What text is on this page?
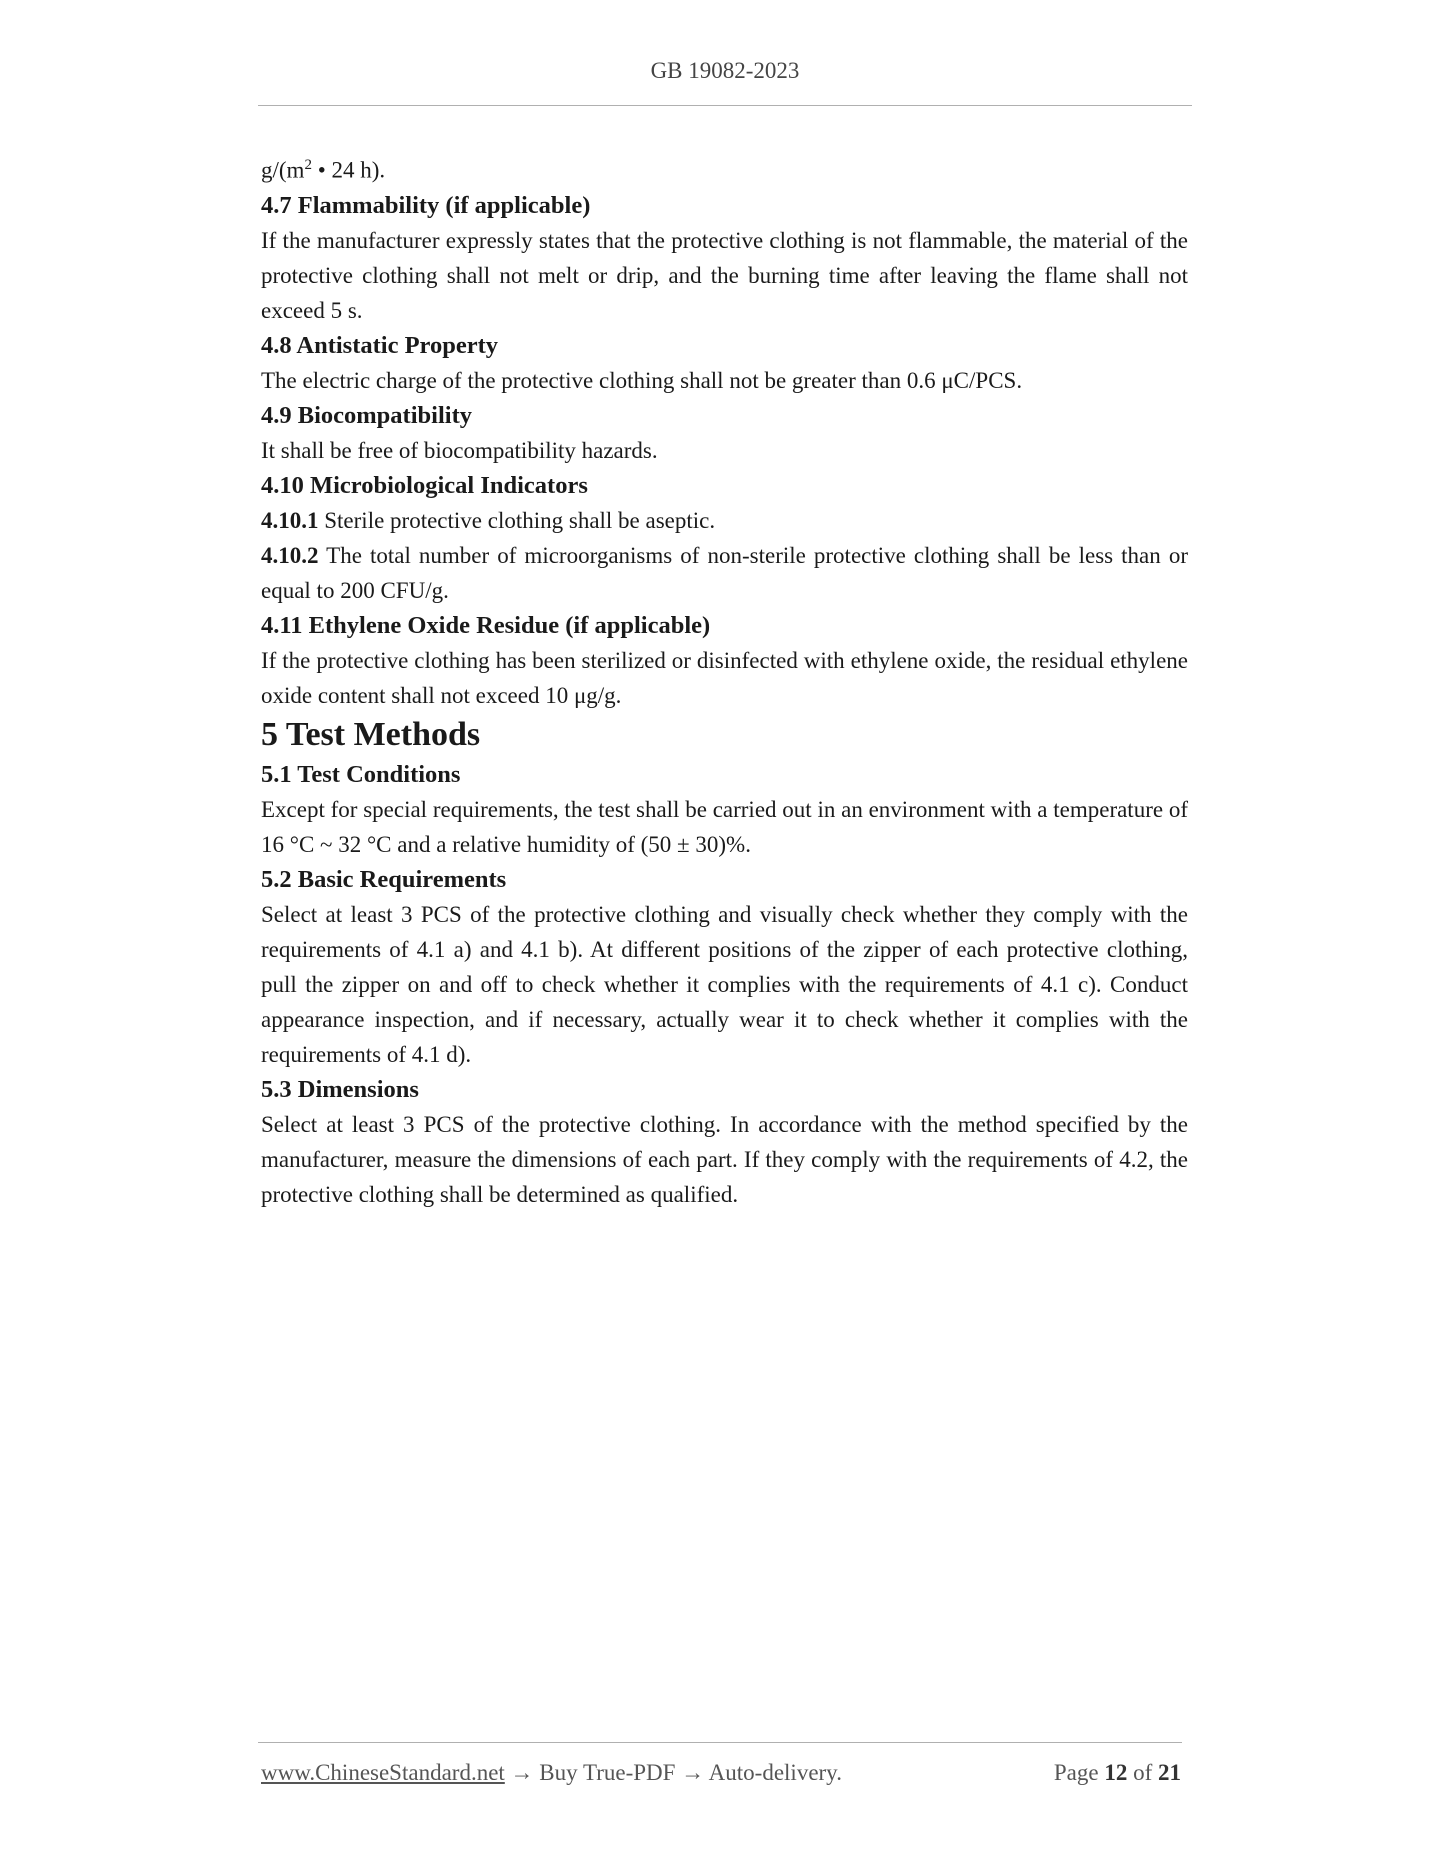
GB 19082-2023

$g/(m^2$ • 24 h).

4.7 Flammability (if applicable)

If the manufacturer expressly states that the protective clothing is not flammable, the material of the protective clothing shall not melt or drip, and the burning time after leaving the flame shall not exceed 5 s.

4.8 Antistatic Property

The electric charge of the protective clothing shall not be greater than 0.6 μC/PCS.

4.9 Biocompatibility

It shall be free of biocompatibility hazards.

4.10 Microbiological Indicators

4.10.1 Sterile protective clothing shall be aseptic.

4.10.2 The total number of microorganisms of non-sterile protective clothing shall be less than or equal to 200 CFU/g.

4.11 Ethylene Oxide Residue (if applicable)

If the protective clothing has been sterilized or disinfected with ethylene oxide, the residual ethylene oxide content shall not exceed 10 μg/g.

5 Test Methods
5.1 Test Conditions

Except for special requirements, the test shall be carried out in an environment with a temperature of 16 °C ~ 32 °C and a relative humidity of (50 ± 30)%.

5.2 Basic Requirements

Select at least 3 PCS of the protective clothing and visually check whether they comply with the requirements of 4.1 a) and 4.1 b). At different positions of the zipper of each protective clothing, pull the zipper on and off to check whether it complies with the requirements of 4.1 c). Conduct appearance inspection, and if necessary, actually wear it to check whether it complies with the requirements of 4.1 d).

5.3 Dimensions

Select at least 3 PCS of the protective clothing. In accordance with the method specified by the manufacturer, measure the dimensions of each part. If they comply with the requirements of 4.2, the protective clothing shall be determined as qualified.

www.ChineseStandard.net → Buy True-PDF → Auto-delivery.	Page 12 of 21
